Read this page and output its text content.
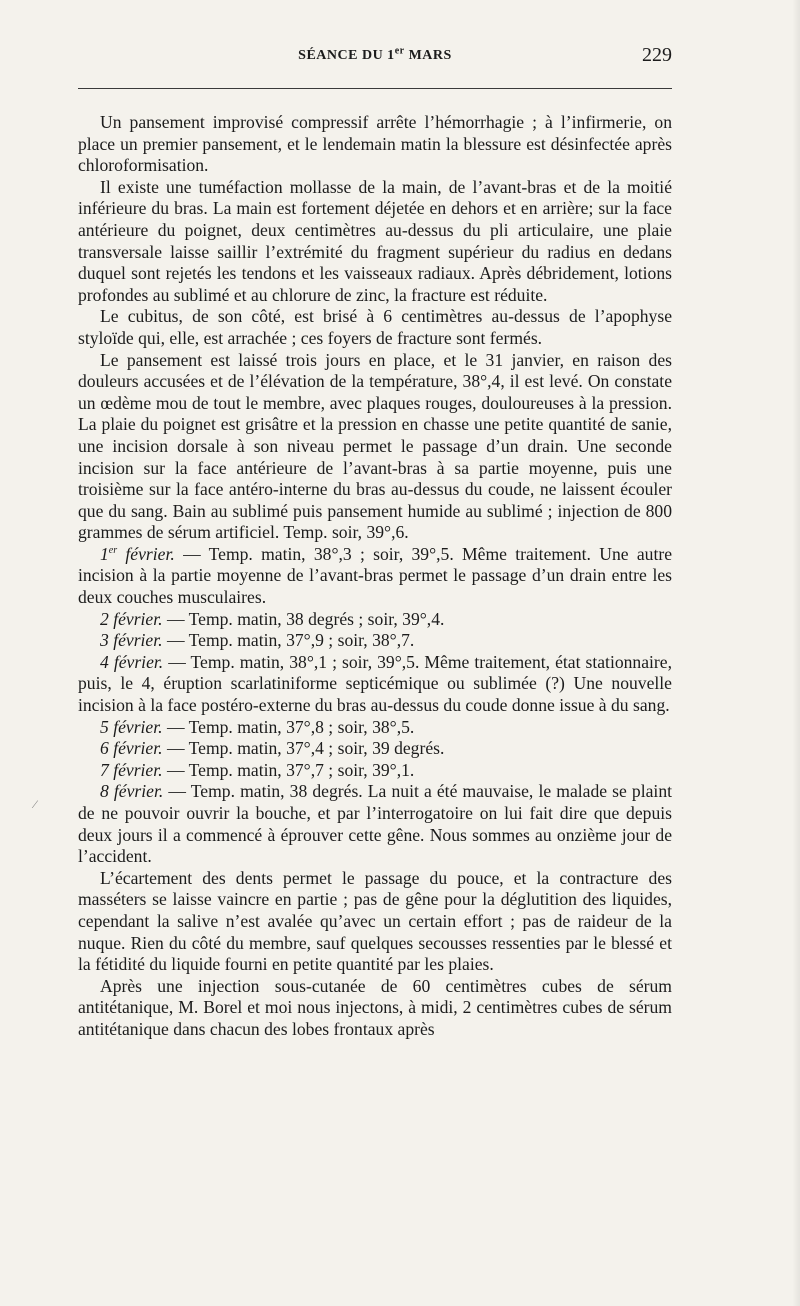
SÉANCE DU 1er MARS	229

Un pansement improvisé compressif arrête l’hémorrhagie ; à l’infirmerie, on place un premier pansement, et le lendemain matin la blessure est désinfectée après chloroformisation.

Il existe une tuméfaction mollasse de la main, de l’avant-bras et de la moitié inférieure du bras. La main est fortement déjetée en dehors et en arrière; sur la face antérieure du poignet, deux centimètres au-dessus du pli articulaire, une plaie transversale laisse saillir l’extrémité du fragment supérieur du radius en dedans duquel sont rejetés les tendons et les vaisseaux radiaux. Après débridement, lotions profondes au sublimé et au chlorure de zinc, la fracture est réduite.

Le cubitus, de son côté, est brisé à 6 centimètres au-dessus de l’apophyse styloïde qui, elle, est arrachée ; ces foyers de fracture sont fermés.

Le pansement est laissé trois jours en place, et le 31 janvier, en raison des douleurs accusées et de l’élévation de la température, 38°,4, il est levé. On constate un œdème mou de tout le membre, avec plaques rouges, douloureuses à la pression. La plaie du poignet est grisâtre et la pression en chasse une petite quantité de sanie, une incision dorsale à son niveau permet le passage d’un drain. Une seconde incision sur la face antérieure de l’avant-bras à sa partie moyenne, puis une troisième sur la face antéro-interne du bras au-dessus du coude, ne laissent écouler que du sang. Bain au sublimé puis pansement humide au sublimé ; injection de 800 grammes de sérum artificiel. Temp. soir, 39°,6.

1er février. — Temp. matin, 38°,3 ; soir, 39°,5. Même traitement. Une autre incision à la partie moyenne de l’avant-bras permet le passage d’un drain entre les deux couches musculaires.

2 février. — Temp. matin, 38 degrés ; soir, 39°,4.

3 février. — Temp. matin, 37°,9 ; soir, 38°,7.

4 février. — Temp. matin, 38°,1 ; soir, 39°,5. Même traitement, état stationnaire, puis, le 4, éruption scarlatiniforme septicémique ou sublimée (?) Une nouvelle incision à la face postéro-externe du bras au-dessus du coude donne issue à du sang.

5 février. — Temp. matin, 37°,8 ; soir, 38°,5.

6 février. — Temp. matin, 37°,4 ; soir, 39 degrés.

7 février. — Temp. matin, 37°,7 ; soir, 39°,1.

8 février. — Temp. matin, 38 degrés. La nuit a été mauvaise, le malade se plaint de ne pouvoir ouvrir la bouche, et par l’interrogatoire on lui fait dire que depuis deux jours il a commencé à éprouver cette gêne. Nous sommes au onzième jour de l’accident.

L’écartement des dents permet le passage du pouce, et la contracture des masséters se laisse vaincre en partie ; pas de gêne pour la déglutition des liquides, cependant la salive n’est avalée qu’avec un certain effort ; pas de raideur de la nuque. Rien du côté du membre, sauf quelques secousses ressenties par le blessé et la fétidité du liquide fourni en petite quantité par les plaies.

Après une injection sous-cutanée de 60 centimètres cubes de sérum antitétanique, M. Borel et moi nous injectons, à midi, 2 centimètres cubes de sérum antitétanique dans chacun des lobes frontaux après

⁄
